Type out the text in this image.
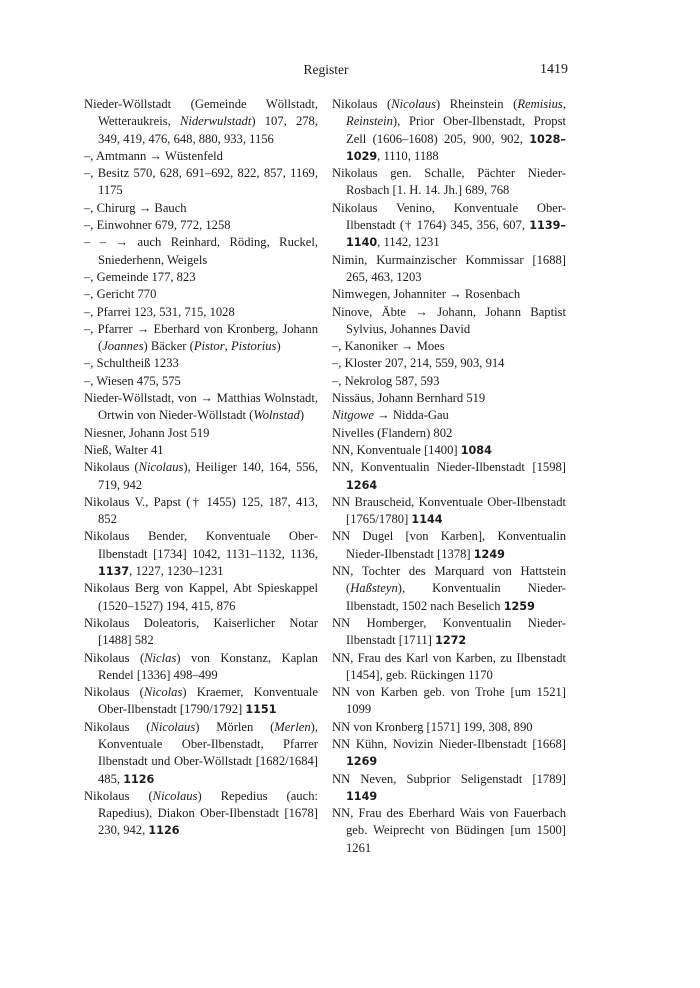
Register	1419
Nieder-Wöllstadt (Gemeinde Wöllstadt, Wetteraukreis, Niderwulstadt) 107, 278, 349, 419, 476, 648, 880, 933, 1156
–, Amtmann → Wüstenfeld
–, Besitz 570, 628, 691–692, 822, 857, 1169, 1175
–, Chirurg → Bauch
–, Einwohner 679, 772, 1258
– – → auch Reinhard, Röding, Ruckel, Sniederhenn, Weigels
–, Gemeinde 177, 823
–, Gericht 770
–, Pfarrei 123, 531, 715, 1028
–, Pfarrer → Eberhard von Kronberg, Johann (Joannes) Bäcker (Pistor, Pistorius)
–, Schultheiß 1233
–, Wiesen 475, 575
Nieder-Wöllstadt, von → Matthias Wolnstadt, Ortwin von Nieder-Wöllstadt (Wolnstad)
Niesner, Johann Jost 519
Nieß, Walter 41
Nikolaus (Nicolaus), Heiliger 140, 164, 556, 719, 942
Nikolaus V., Papst († 1455) 125, 187, 413, 852
Nikolaus Bender, Konventuale Ober-Ilbenstadt [1734] 1042, 1131–1132, 1136, 1137, 1227, 1230–1231
Nikolaus Berg von Kappel, Abt Spieskappel (1520–1527) 194, 415, 876
Nikolaus Doleatoris, Kaiserlicher Notar [1488] 582
Nikolaus (Niclas) von Konstanz, Kaplan Rendel [1336] 498–499
Nikolaus (Nicolas) Kraemer, Konventuale Ober-Ilbenstadt [1790/1792] 1151
Nikolaus (Nicolaus) Mörlen (Merlen), Konventuale Ober-Ilbenstadt, Pfarrer Ilbenstadt und Ober-Wöllstadt [1682/1684] 485, 1126
Nikolaus (Nicolaus) Repedius (auch: Rapedius), Diakon Ober-Ilbenstadt [1678] 230, 942, 1126
Nikolaus (Nicolaus) Rheinstein (Remisius, Reinstein), Prior Ober-Ilbenstadt, Propst Zell (1606–1608) 205, 900, 902, 1028–1029, 1110, 1188
Nikolaus gen. Schalle, Pächter Nieder-Rosbach [1. H. 14. Jh.] 689, 768
Nikolaus Venino, Konventuale Ober-Ilbenstadt († 1764) 345, 356, 607, 1139–1140, 1142, 1231
Nimin, Kurmainzischer Kommissar [1688] 265, 463, 1203
Nimwegen, Johanniter → Rosenbach
Ninove, Äbte → Johann, Johann Baptist Sylvius, Johannes David
–, Kanoniker → Moes
–, Kloster 207, 214, 559, 903, 914
–, Nekrolog 587, 593
Nissäus, Johann Bernhard 519
Nitgowe → Nidda-Gau
Nivelles (Flandern) 802
NN, Konventuale [1400] 1084
NN, Konventualin Nieder-Ilbenstadt [1598] 1264
NN Brauscheid, Konventuale Ober-Ilbenstadt [1765/1780] 1144
NN Dugel [von Karben], Konventualin Nieder-Ilbenstadt [1378] 1249
NN, Tochter des Marquard von Hattstein (Haßsteyn), Konventualin Nieder-Ilbenstadt, 1502 nach Beselich 1259
NN Homberger, Konventualin Nieder-Ilbenstadt [1711] 1272
NN, Frau des Karl von Karben, zu Ilbenstadt [1454], geb. Rückingen 1170
NN von Karben geb. von Trohe [um 1521] 1099
NN von Kronberg [1571] 199, 308, 890
NN Kühn, Novizin Nieder-Ilbenstadt [1668] 1269
NN Neven, Subprior Seligenstadt [1789] 1149
NN, Frau des Eberhard Wais von Fauerbach geb. Weiprecht von Büdingen [um 1500] 1261
